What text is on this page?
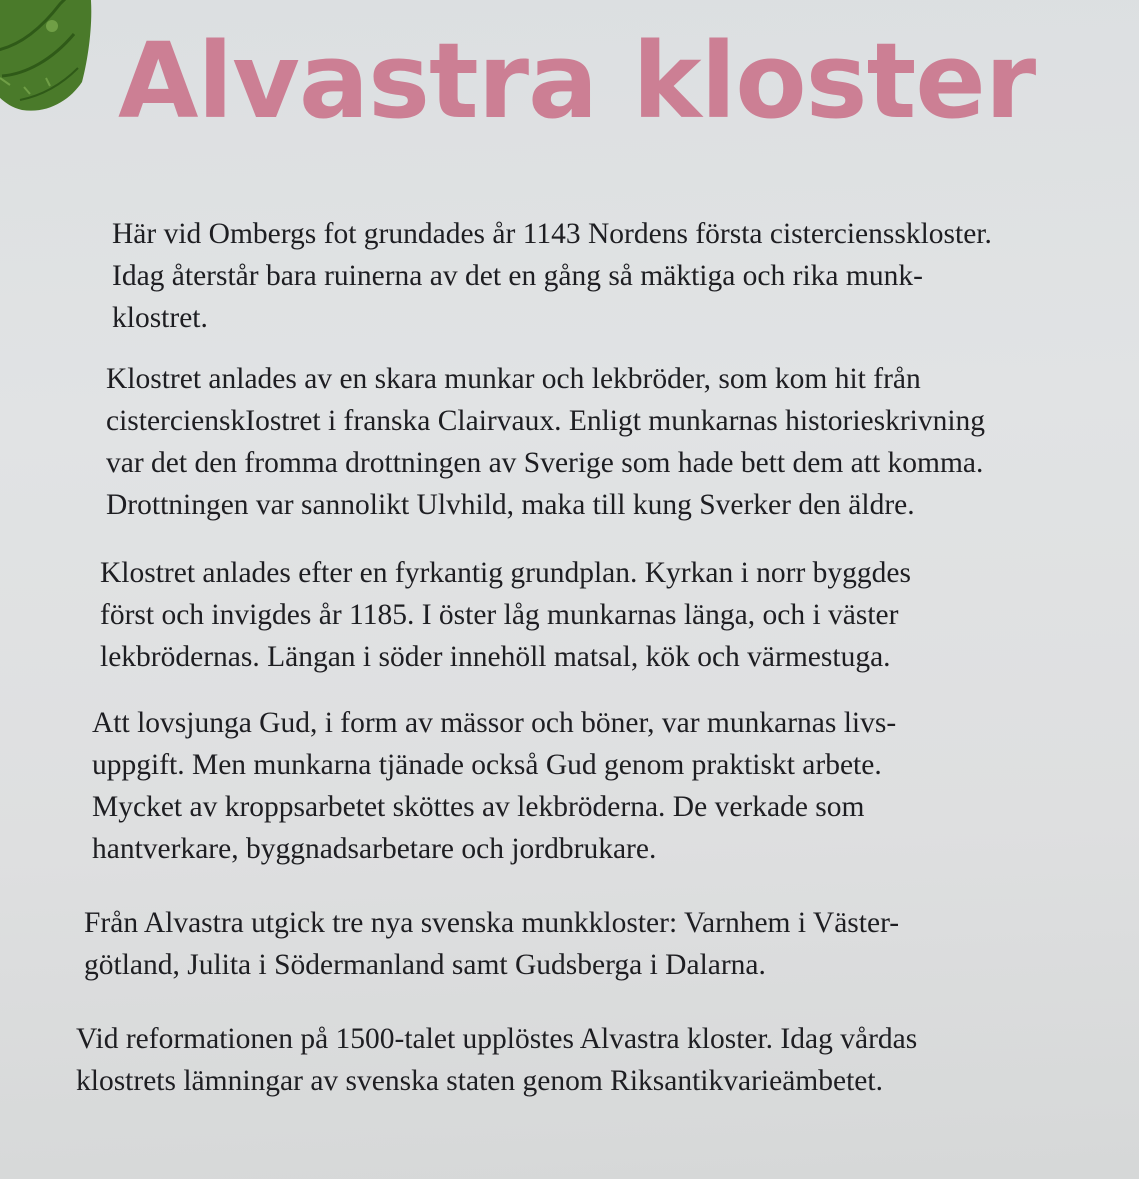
Alvastra kloster

Här vid Ombergs fot grundades år 1143 Nordens första cisterciensskloster.
Idag återstår bara ruinerna av det en gång så mäktiga och rika munk-
klostret.

Klostret anlades av en skara munkar och lekbröder, som kom hit från
cistercienskIostret i franska Clairvaux. Enligt munkarnas historieskrivning
var det den fromma drottningen av Sverige som hade bett dem att komma.
Drottningen var sannolikt Ulvhild, maka till kung Sverker den äldre.

Klostret anlades efter en fyrkantig grundplan. Kyrkan i norr byggdes
först och invigdes år 1185. I öster låg munkarnas länga, och i väster
lekbrödernas. Längan i söder innehöll matsal, kök och värmestuga.

Att lovsjunga Gud, i form av mässor och böner, var munkarnas livs-
uppgift. Men munkarna tjänade också Gud genom praktiskt arbete.
Mycket av kroppsarbetet sköttes av lekbröderna. De verkade som
hantverkare, byggnadsarbetare och jordbrukare.

Från Alvastra utgick tre nya svenska munkkloster: Varnhem i Väster-
götland, Julita i Södermanland samt Gudsberga i Dalarna.

Vid reformationen på 1500-talet upplöstes Alvastra kloster. Idag vårdas
klostrets lämningar av svenska staten genom Riksantikvarieämbetet.
